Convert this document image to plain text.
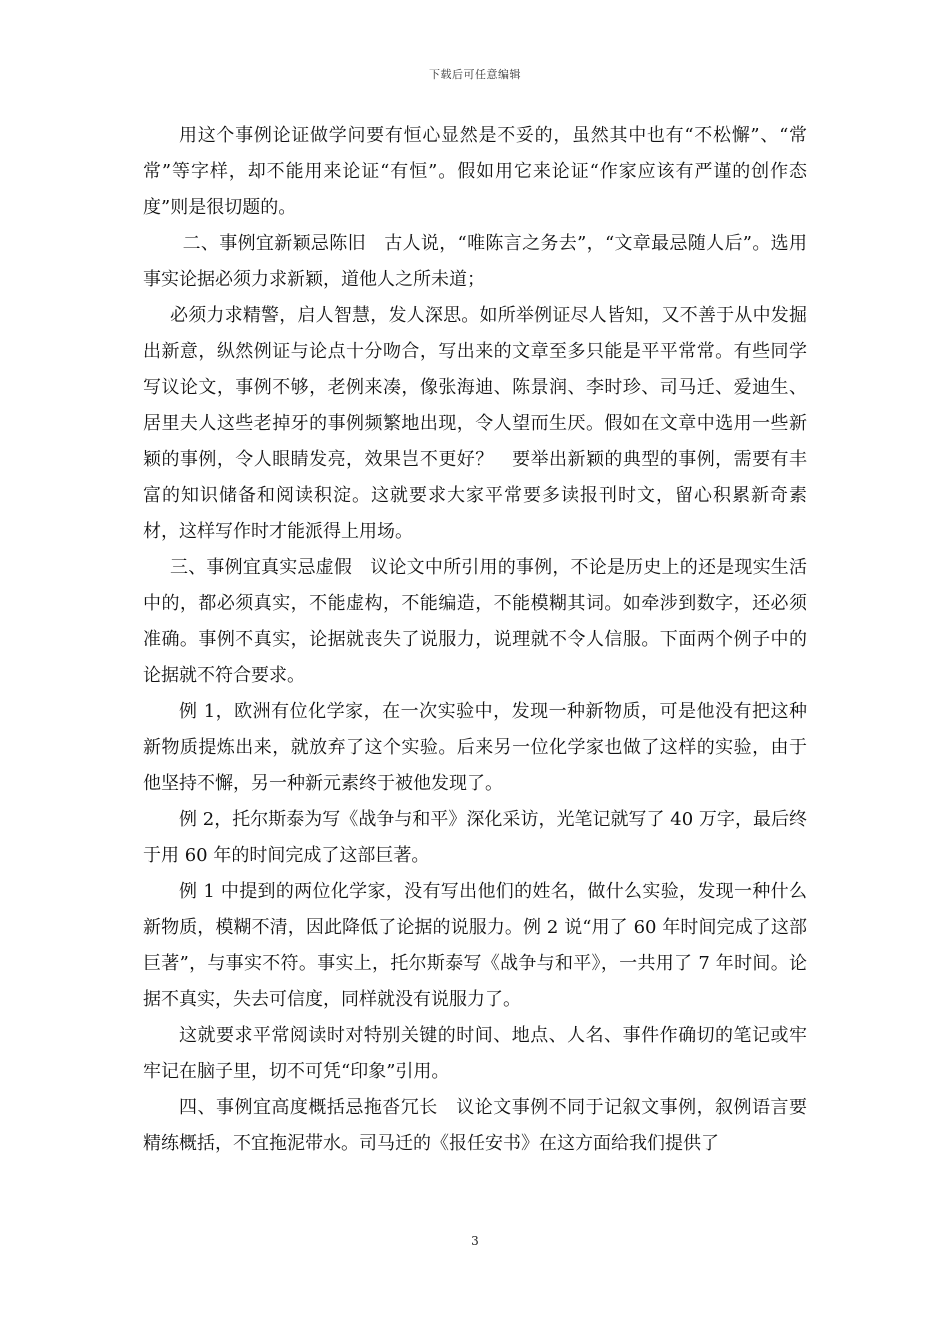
下载后可任意编辑

用这个事例论证做学问要有恒心显然是不妥的，虽然其中也有“不松懈”、“常常”等字样，却不能用来论证“有恒”。假如用它来论证“作家应该有严谨的创作态度”则是很切题的。

二、事例宜新颖忌陈旧　古人说，“唯陈言之务去”，“文章最忌随人后”。选用事实论据必须力求新颖，道他人之所未道；

必须力求精警，启人智慧，发人深思。如所举例证尽人皆知，又不善于从中发掘出新意，纵然例证与论点十分吻合，写出来的文章至多只能是平平常常。有些同学写议论文，事例不够，老例来凑，像张海迪、陈景润、李时珍、司马迁、爱迪生、居里夫人这些老掉牙的事例频繁地出现，令人望而生厌。假如在文章中选用一些新颖的事例，令人眼睛发亮，效果岂不更好？　要举出新颖的典型的事例，需要有丰富的知识储备和阅读积淀。这就要求大家平常要多读报刊时文，留心积累新奇素材，这样写作时才能派得上用场。

三、事例宜真实忌虚假　议论文中所引用的事例，不论是历史上的还是现实生活中的，都必须真实，不能虚构，不能编造，不能模糊其词。如牵涉到数字，还必须准确。事例不真实，论据就丧失了说服力，说理就不令人信服。下面两个例子中的论据就不符合要求。

例 1，欧洲有位化学家，在一次实验中，发现一种新物质，可是他没有把这种新物质提炼出来，就放弃了这个实验。后来另一位化学家也做了这样的实验，由于他坚持不懈，另一种新元素终于被他发现了。

例 2，托尔斯泰为写《战争与和平》深化采访，光笔记就写了 40 万字，最后终于用 60 年的时间完成了这部巨著。

例 1 中提到的两位化学家，没有写出他们的姓名，做什么实验，发现一种什么新物质，模糊不清，因此降低了论据的说服力。例 2 说“用了 60 年时间完成了这部巨著”，与事实不符。事实上，托尔斯泰写《战争与和平》，一共用了 7 年时间。论据不真实，失去可信度，同样就没有说服力了。

这就要求平常阅读时对特别关键的时间、地点、人名、事件作确切的笔记或牢牢记在脑子里，切不可凭“印象”引用。

四、事例宜高度概括忌拖沓冗长　议论文事例不同于记叙文事例，叙例语言要精练概括，不宜拖泥带水。司马迁的《报任安书》在这方面给我们提供了

3
